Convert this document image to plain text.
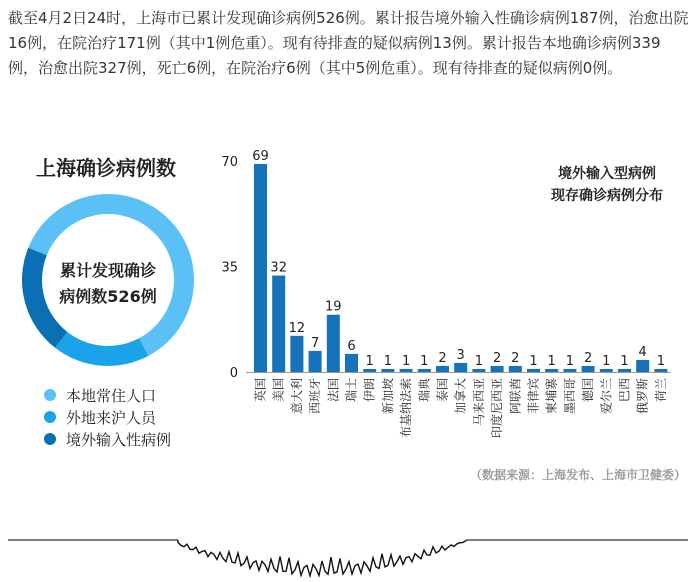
截至4月2日24时，上海市已累计发现确诊病例526例。累计报告境外输入性确诊病例187例，治愈出院16例，在院治疗171例（其中1例危重）。现有待排查的疑似病例13例。累计报告本地确诊病例339例，治愈出院327例，死亡6例，在院治疗6例（其中5例危重）。现有待排查的疑似病例0例。

上海确诊病例数
累计发现确诊
病例数526例
本地常住人口
外地来沪人员
境外输入性病例
境外输入型病例
现存确诊病例分布
0
35
70 69
英国
32
美国
12
意大利
7
西班牙
19
法国
6
瑞士
1
伊朗
1
新加坡
1
布基纳法索
1
瑞典
2
泰国
3
加拿大
1
马来西亚
2
印度尼西亚
2
阿联酋
1
菲律宾
1
柬埔寨
1
墨西哥
2
德国
1
爱尔兰
1
巴西
4
俄罗斯
1
荷兰
（数据来源：上海发布、上海市卫健委）
